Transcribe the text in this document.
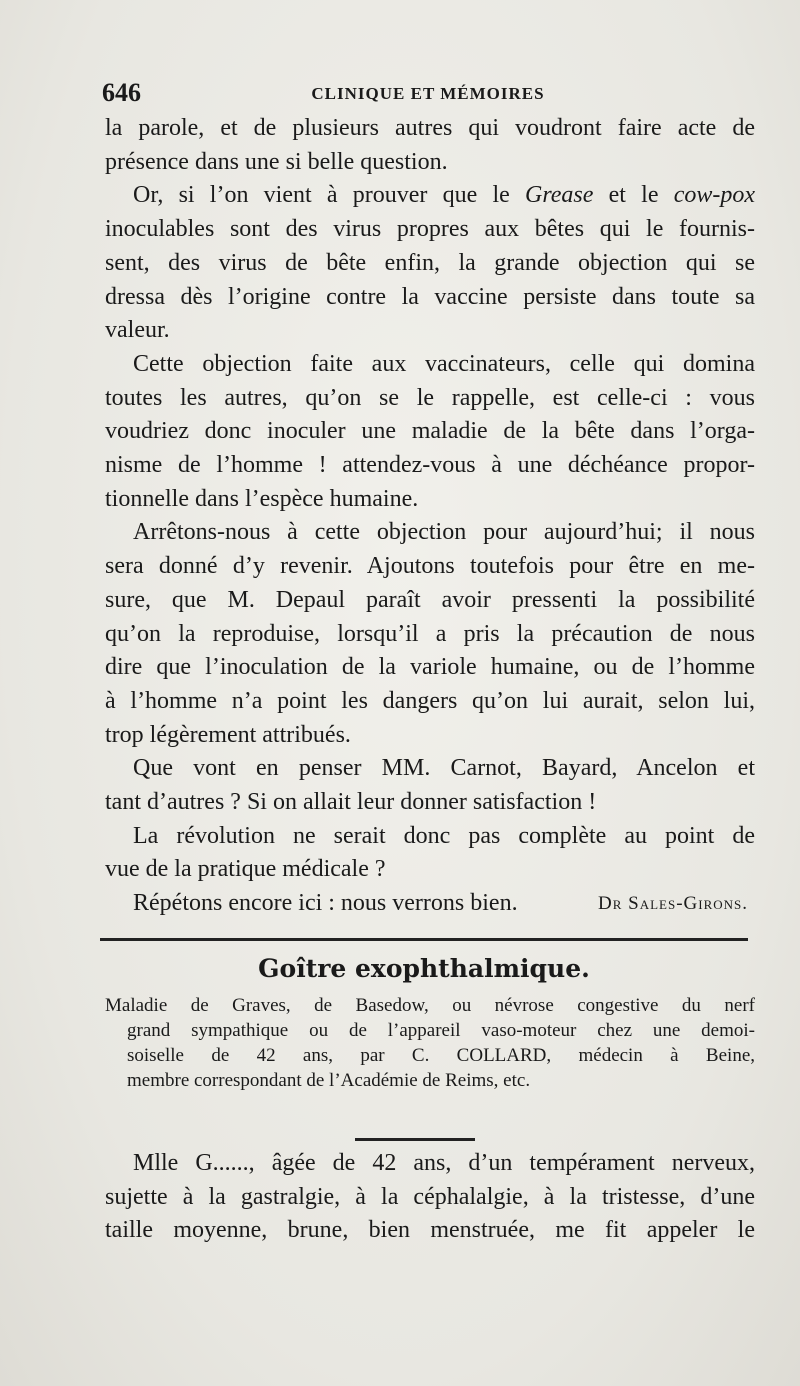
646	CLINIQUE ET MÉMOIRES
la parole, et de plusieurs autres qui voudront faire acte de
présence dans une si belle question.
Or, si l’on vient à prouver que le Grease et le cow-pox
inoculables sont des virus propres aux bêtes qui le fournis-
sent, des virus de bête enfin, la grande objection qui se
dressa dès l’origine contre la vaccine persiste dans toute sa
valeur.
Cette objection faite aux vaccinateurs, celle qui domina
toutes les autres, qu’on se le rappelle, est celle-ci : vous
voudriez donc inoculer une maladie de la bête dans l’orga-
nisme de l’homme ! attendez-vous à une déchéance propor-
tionnelle dans l’espèce humaine.
Arrêtons-nous à cette objection pour aujourd’hui; il nous
sera donné d’y revenir. Ajoutons toutefois pour être en me-
sure, que M. Depaul paraît avoir pressenti la possibilité
qu’on la reproduise, lorsqu’il a pris la précaution de nous
dire que l’inoculation de la variole humaine, ou de l’homme
à l’homme n’a point les dangers qu’on lui aurait, selon lui,
trop légèrement attribués.
Que vont en penser MM. Carnot, Bayard, Ancelon et
tant d’autres ? Si on allait leur donner satisfaction !
La révolution ne serait donc pas complète au point de
vue de la pratique médicale ?
Répétons encore ici : nous verrons bien.	Dr Sales-Girons.
Goître exophthalmique.
Maladie de Graves, de Basedow, ou névrose congestive du nerf
grand sympathique ou de l’appareil vaso-moteur chez une demoi-
soiselle de 42 ans, par C. COLLARD, médecin à Beine,
membre correspondant de l’Académie de Reims, etc.
Mlle G......, âgée de 42 ans, d’un tempérament nerveux,
sujette à la gastralgie, à la céphalalgie, à la tristesse, d’une
taille moyenne, brune, bien menstruée, me fit appeler le
